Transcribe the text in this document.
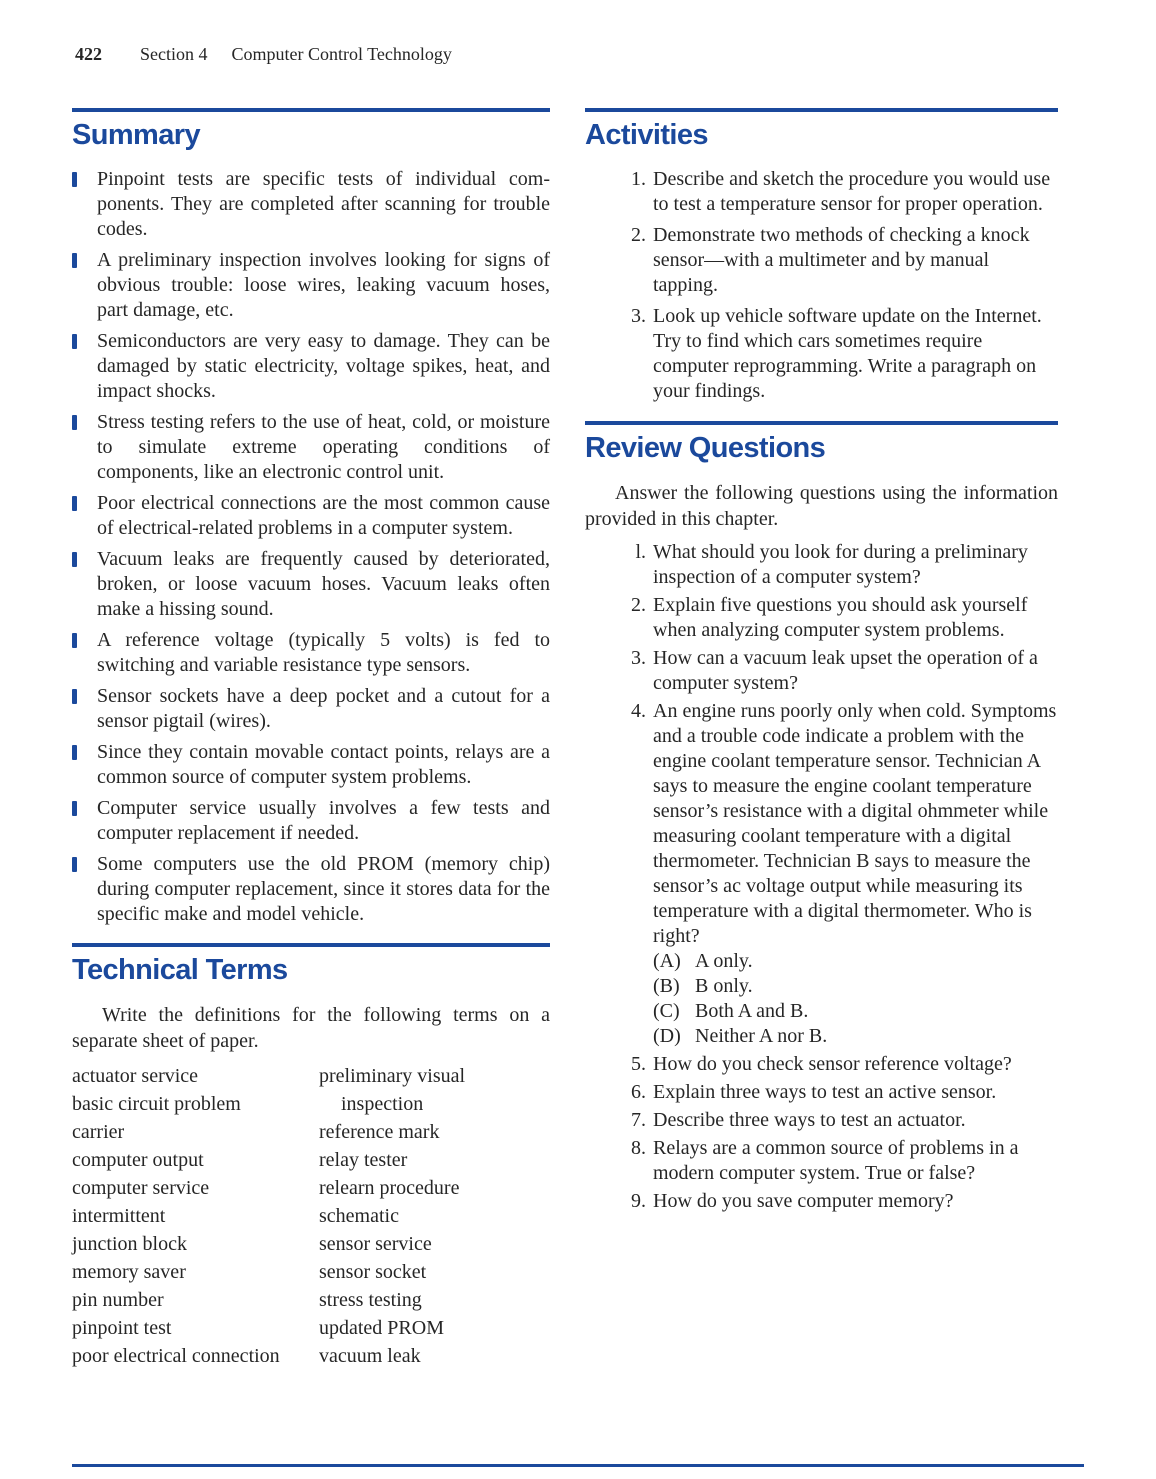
422 Section 4 Computer Control Technology
Summary
Pinpoint tests are specific tests of individual components. They are completed after scanning for trouble codes.
A preliminary inspection involves looking for signs of obvious trouble: loose wires, leaking vacuum hoses, part damage, etc.
Semiconductors are very easy to damage. They can be damaged by static electricity, voltage spikes, heat, and impact shocks.
Stress testing refers to the use of heat, cold, or moisture to simulate extreme operating conditions of components, like an electronic control unit.
Poor electrical connections are the most common cause of electrical-related problems in a computer system.
Vacuum leaks are frequently caused by deteriorated, broken, or loose vacuum hoses. Vacuum leaks often make a hissing sound.
A reference voltage (typically 5 volts) is fed to switching and variable resistance type sensors.
Sensor sockets have a deep pocket and a cutout for a sensor pigtail (wires).
Since they contain movable contact points, relays are a common source of computer system problems.
Computer service usually involves a few tests and computer replacement if needed.
Some computers use the old PROM (memory chip) during computer replacement, since it stores data for the specific make and model vehicle.
Technical Terms

Write the definitions for the following terms on a separate sheet of paper.

actuator service
basic circuit problem
carrier
computer output
computer service
intermittent
junction block
memory saver
pin number
pinpoint test
poor electrical connection
preliminary visual inspection
reference mark
relay tester
relearn procedure
schematic
sensor service
sensor socket
stress testing
updated PROM
vacuum leak
Activities
1. Describe and sketch the procedure you would use to test a temperature sensor for proper operation.
2. Demonstrate two methods of checking a knock sensor—with a multimeter and by manual tapping.
3. Look up vehicle software update on the Internet. Try to find which cars sometimes require computer reprogramming. Write a paragraph on your findings.
Review Questions

Answer the following questions using the information provided in this chapter.

l. What should you look for during a preliminary inspection of a computer system?
2. Explain five questions you should ask yourself when analyzing computer system problems.
3. How can a vacuum leak upset the operation of a computer system?
4. An engine runs poorly only when cold. Symptoms and a trouble code indicate a problem with the engine coolant temperature sensor. Technician A says to measure the engine coolant temperature sensor’s resistance with a digital ohmmeter while measuring coolant temperature with a digital thermometer. Technician B says to measure the sensor’s ac voltage output while measuring its temperature with a digital thermometer. Who is right?
(A) A only.
(B) B only.
(C) Both A and B.
(D) Neither A nor B.
5. How do you check sensor reference voltage?
6. Explain three ways to test an active sensor.
7. Describe three ways to test an actuator.
8. Relays are a common source of problems in a modern computer system. True or false?
9. How do you save computer memory?
